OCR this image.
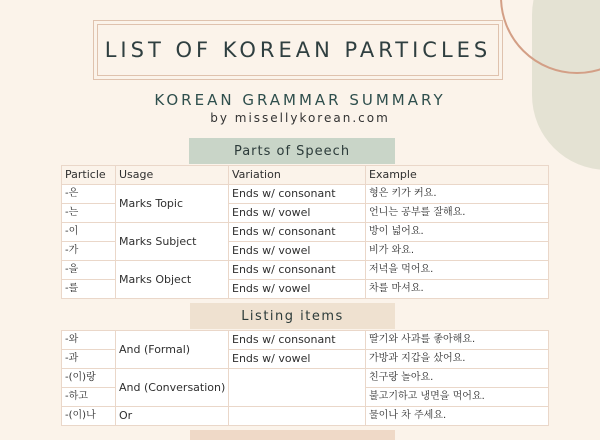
LIST OF KOREAN PARTICLES
KOREAN GRAMMAR SUMMARY
by missellykorean.com
Parts of Speech
Particle	Usage	Variation	Example
-은	Marks Topic	Ends w/ consonant	형은 키가 커요.
-는		Ends w/ vowel	언니는 공부를 잘해요.
-이	Marks Subject	Ends w/ consonant	방이 넓어요.
-가		Ends w/ vowel	비가 와요.
-을	Marks Object	Ends w/ consonant	저녁을 먹어요.
-를		Ends w/ vowel	차를 마셔요.
Listing items
-와	And (Formal)	Ends w/ consonant	딸기와 사과를 좋아해요.
-과		Ends w/ vowel	가방과 지갑을 샀어요.
-(이)랑	And (Conversation)		친구랑 놀아요.
-하고			불고기하고 냉면을 먹어요.
-(이)나	Or		물이나 차 주세요.
